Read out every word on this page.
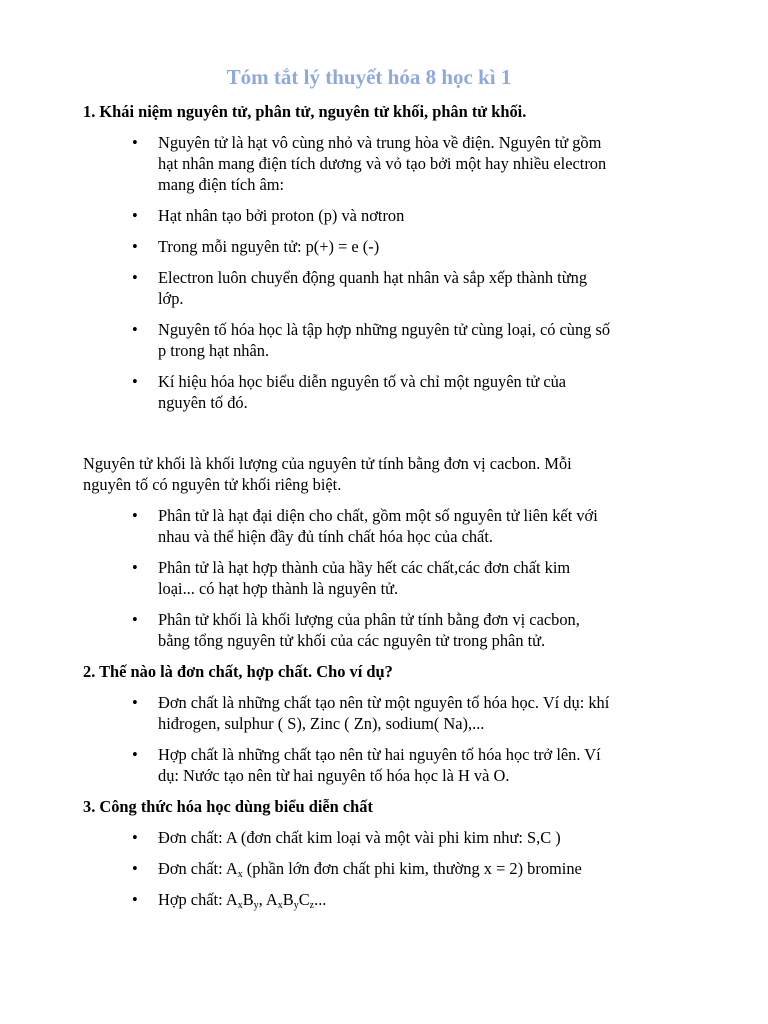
Tóm tắt lý thuyết hóa 8 học kì 1
1. Khái niệm nguyên tử, phân tử, nguyên tử khối, phân tử khối.
• Nguyên tử là hạt vô cùng nhỏ và trung hòa về điện. Nguyên tử gồm
hạt nhân mang điện tích dương và vỏ tạo bởi một hay nhiều electron
mang điện tích âm:
• Hạt nhân tạo bởi proton (p) và nơtron
• Trong mỗi nguyên tử: p(+) = e (-)
• Electron luôn chuyển động quanh hạt nhân và sắp xếp thành từng
lớp.
• Nguyên tố hóa học là tập hợp những nguyên tử cùng loại, có cùng số
p trong hạt nhân.
• Kí hiệu hóa học biểu diễn nguyên tố và chỉ một nguyên tử của
nguyên tố đó.
Nguyên tử khối là khối lượng của nguyên tử tính bằng đơn vị cacbon. Mỗi
nguyên tố có nguyên tử khối riêng biệt.
• Phân tử là hạt đại diện cho chất, gồm một số nguyên tử liên kết với
nhau và thể hiện đầy đủ tính chất hóa học của chất.
• Phân tử là hạt hợp thành của hầy hết các chất,các đơn chất kim
loại... có hạt hợp thành là nguyên tử.
• Phân tử khối là khối lượng của phân tử tính bằng đơn vị cacbon,
bằng tổng nguyên tử khối của các nguyên tử trong phân tử.
2. Thế nào là đơn chất, hợp chất. Cho ví dụ?
• Đơn chất là những chất tạo nên từ một nguyên tố hóa học. Ví dụ: khí
hiđrogen, sulphur ( S), Zinc ( Zn), sodium( Na),...
• Hợp chất là những chất tạo nên từ hai nguyên tố hóa học trở lên. Ví
dụ: Nước tạo nên từ hai nguyên tố hóa học là H và O.
3. Công thức hóa học dùng biểu diễn chất
• Đơn chất: A (đơn chất kim loại và một vài phi kim như: S,C )
• Đơn chất: $A_x$ (phần lớn đơn chất phi kim, thường x = 2) bromine
• Hợp chất: $A_xB_y$, $A_xB_yC_z$...
